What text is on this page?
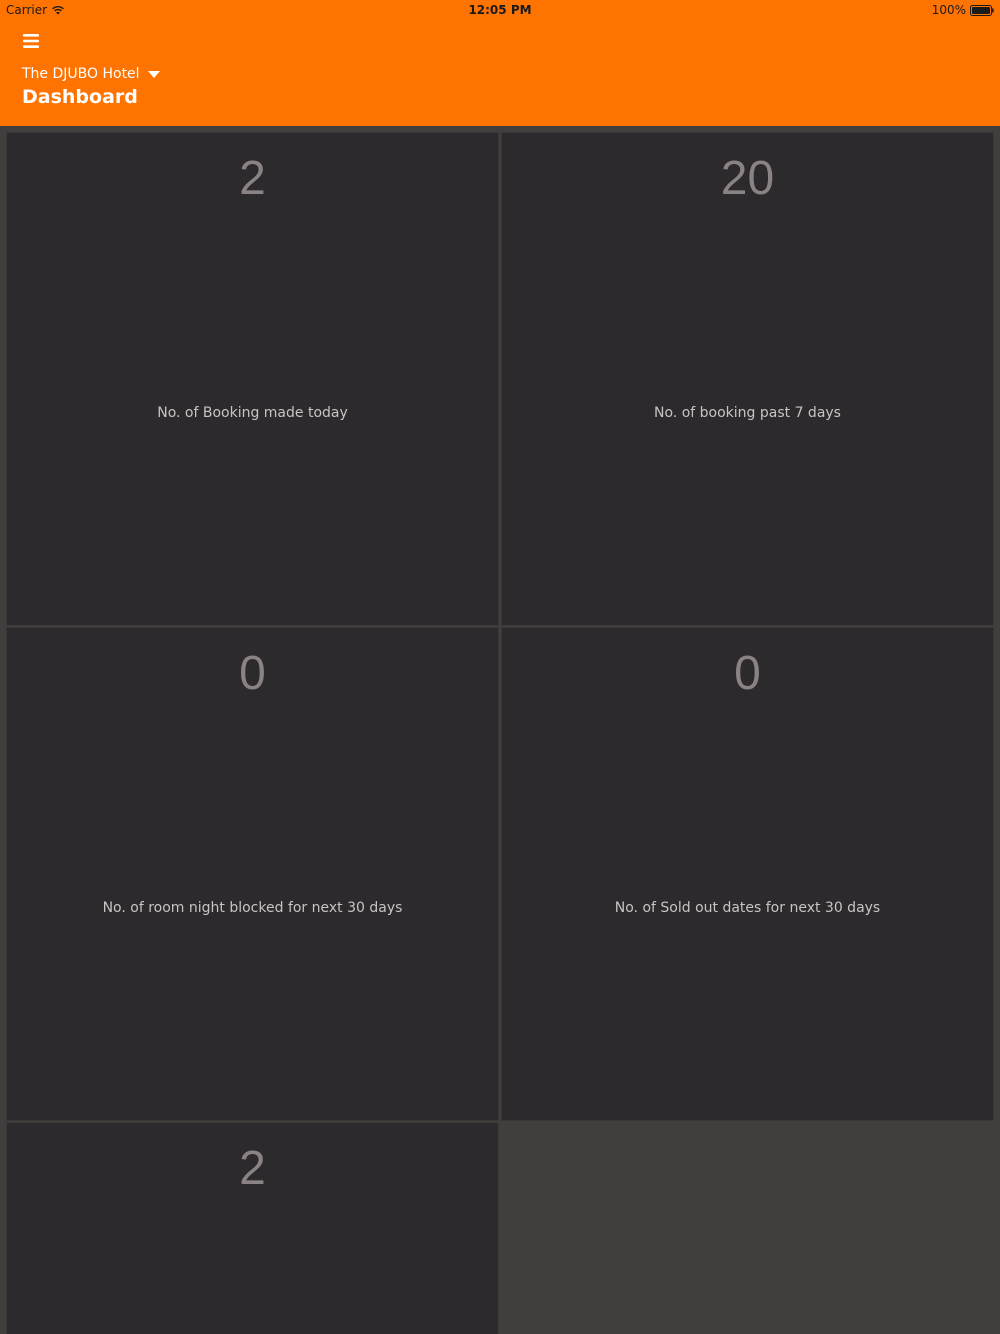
Carrier	12:05 PM	100%
The DJUBO Hotel
Dashboard
2
No. of Booking made today
20
No. of booking past 7 days
0
No. of room night blocked for next 30 days
0
No. of Sold out dates for next 30 days
2
